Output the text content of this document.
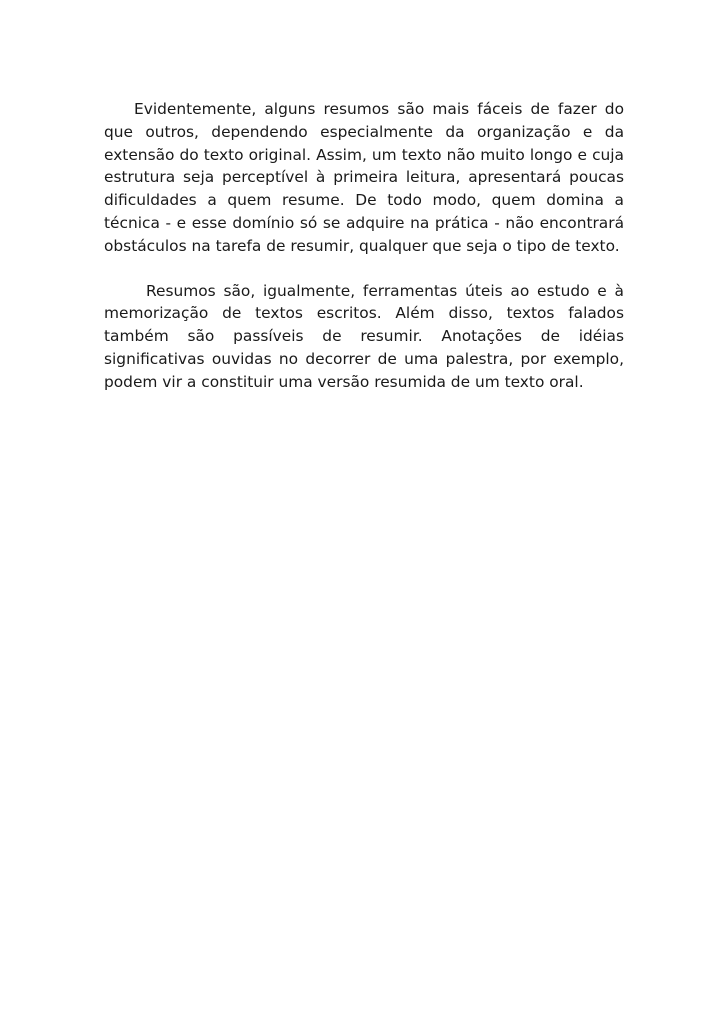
Evidentemente, alguns resumos são mais fáceis de fazer do que outros, dependendo especialmente da organização e da extensão do texto original. Assim, um texto não muito longo e cuja estrutura seja perceptível à primeira leitura, apresentará poucas dificuldades a quem resume. De todo modo, quem domina a técnica - e esse domínio só se adquire na prática - não encontrará obstáculos na tarefa de resumir, qualquer que seja o tipo de texto.

Resumos são, igualmente, ferramentas úteis ao estudo e à memorização de textos escritos. Além disso, textos falados também são passíveis de resumir. Anotações de idéias significativas ouvidas no decorrer de uma palestra, por exemplo, podem vir a constituir uma versão resumida de um texto oral.
